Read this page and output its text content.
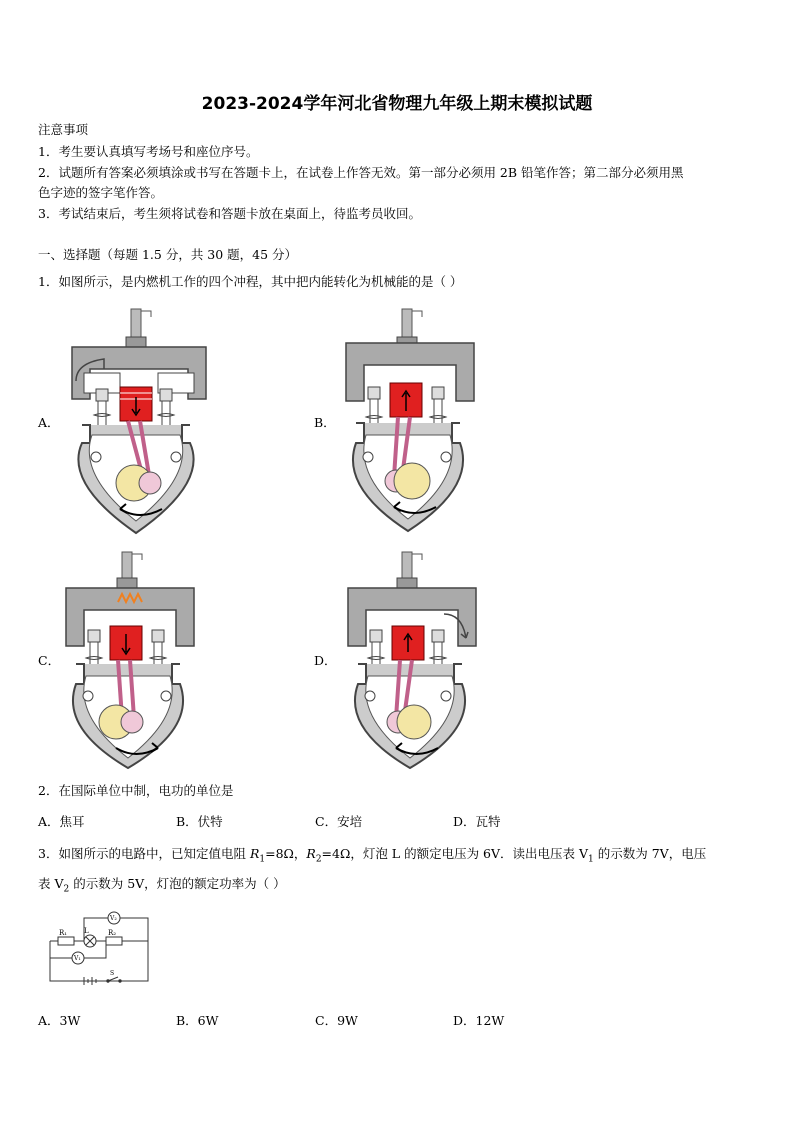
2023-2024学年河北省物理九年级上期末模拟试题
注意事项
1．考生要认真填写考场号和座位序号。
2．试题所有答案必须填涂或书写在答题卡上，在试卷上作答无效。第一部分必须用 2B 铅笔作答；第二部分必须用黑
色字迹的签字笔作答。
3．考试结束后，考生须将试卷和答题卡放在桌面上，待监考员收回。
一、选择题（每题 1.5 分，共 30 题，45 分）
1．如图所示，是内燃机工作的四个冲程，其中把内能转化为机械能的是（ ）
A．	B．
C．	D．
2．在国际单位中制，电功的单位是
A．焦耳	B．伏特	C．安培	D．瓦特
3．如图所示的电路中，已知定值电阻 $R_1=8\Omega$，$R_2=4\Omega$，灯泡 L 的额定电压为 6V．读出电压表 $V_1$ 的示数为 7V，电压
表 $V_2$ 的示数为 5V，灯泡的额定功率为（ ）
R₁ L	R₂
V₂
V₁
S
A．3W	B．6W	C．9W	D．12W
